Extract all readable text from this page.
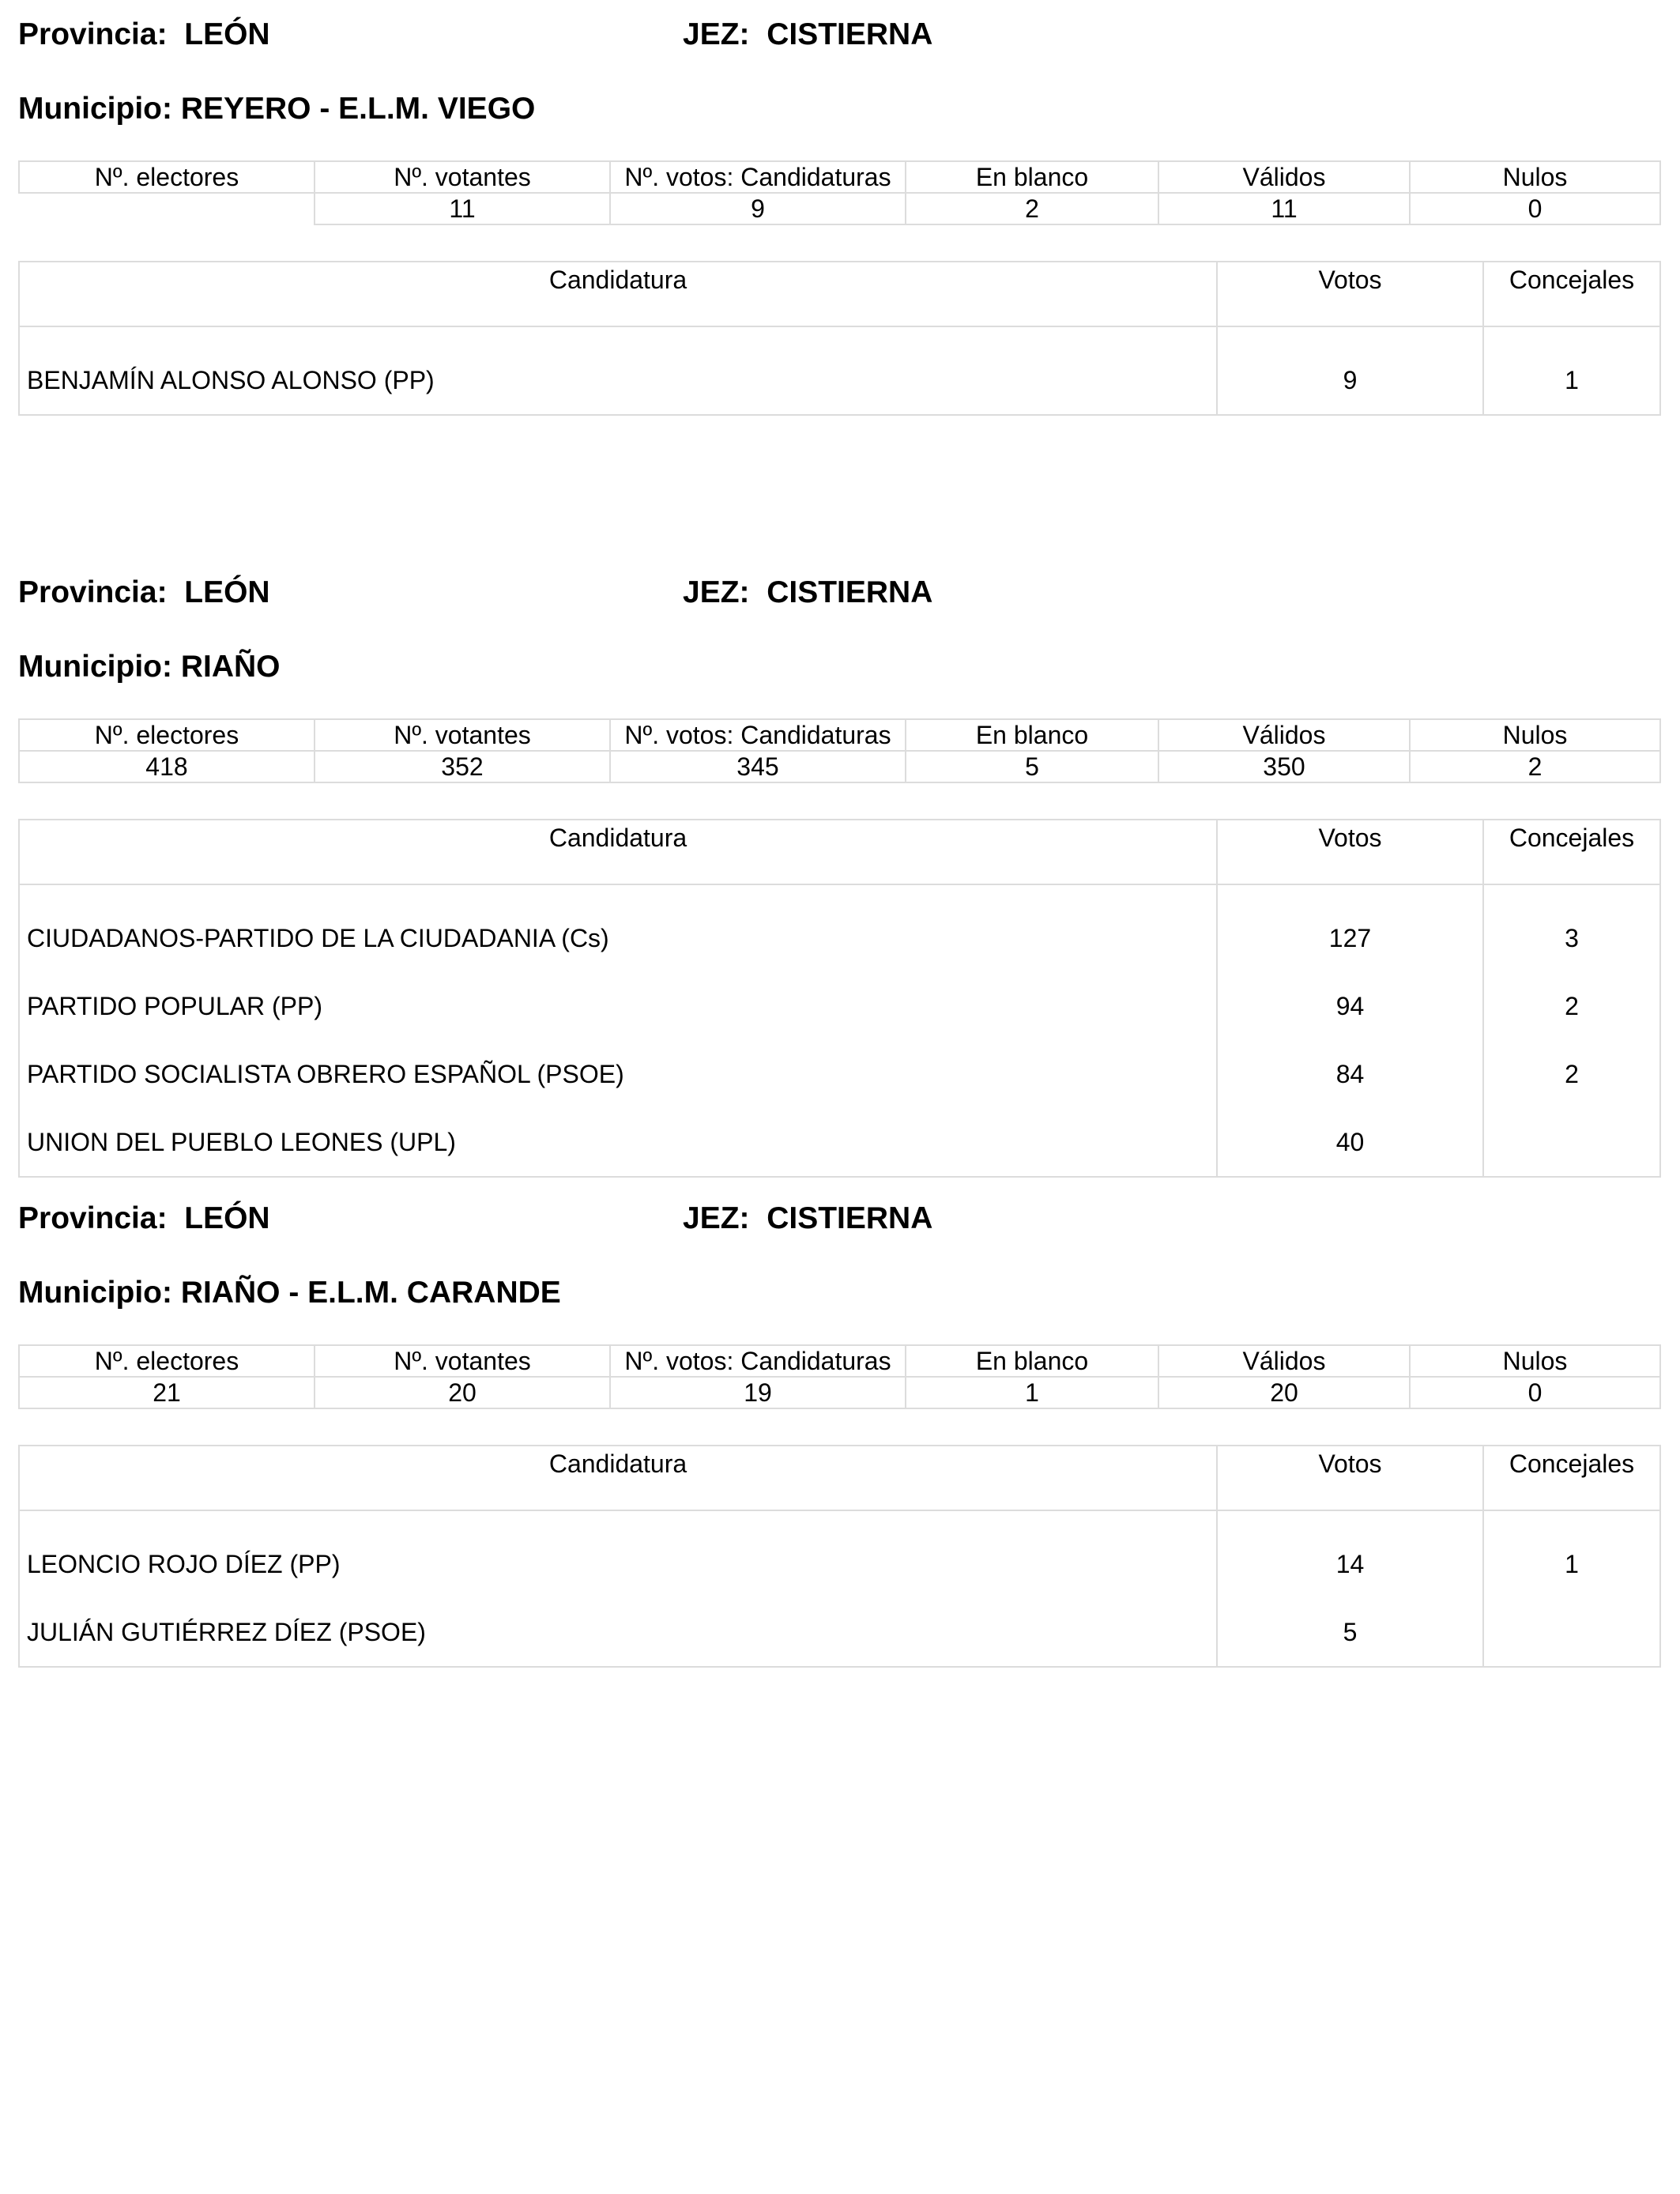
Provincia: LEÓN	JEZ: CISTIERNA
Municipio: REYERO - E.L.M. VIEGO
Nº. electores	Nº. votantes	Nº. votos: Candidaturas	En blanco	Válidos	Nulos
	11	9	2	11	0
Candidatura	Votos	Concejales
BENJAMÍN ALONSO ALONSO (PP)	9	1
Provincia: LEÓN	JEZ: CISTIERNA
Municipio: RIAÑO
Nº. electores	Nº. votantes	Nº. votos: Candidaturas	En blanco	Válidos	Nulos
418	352	345	5	350	2
Candidatura	Votos	Concejales
CIUDADANOS-PARTIDO DE LA CIUDADANIA (Cs)	127	3
PARTIDO POPULAR (PP)	94	2
PARTIDO SOCIALISTA OBRERO ESPAÑOL (PSOE)	84	2
UNION DEL PUEBLO LEONES (UPL)	40	
Provincia: LEÓN	JEZ: CISTIERNA
Municipio: RIAÑO - E.L.M. CARANDE
Nº. electores	Nº. votantes	Nº. votos: Candidaturas	En blanco	Válidos	Nulos
21	20	19	1	20	0
Candidatura	Votos	Concejales
LEONCIO ROJO DÍEZ (PP)	14	1
JULIÁN GUTIÉRREZ DÍEZ (PSOE)	5	
